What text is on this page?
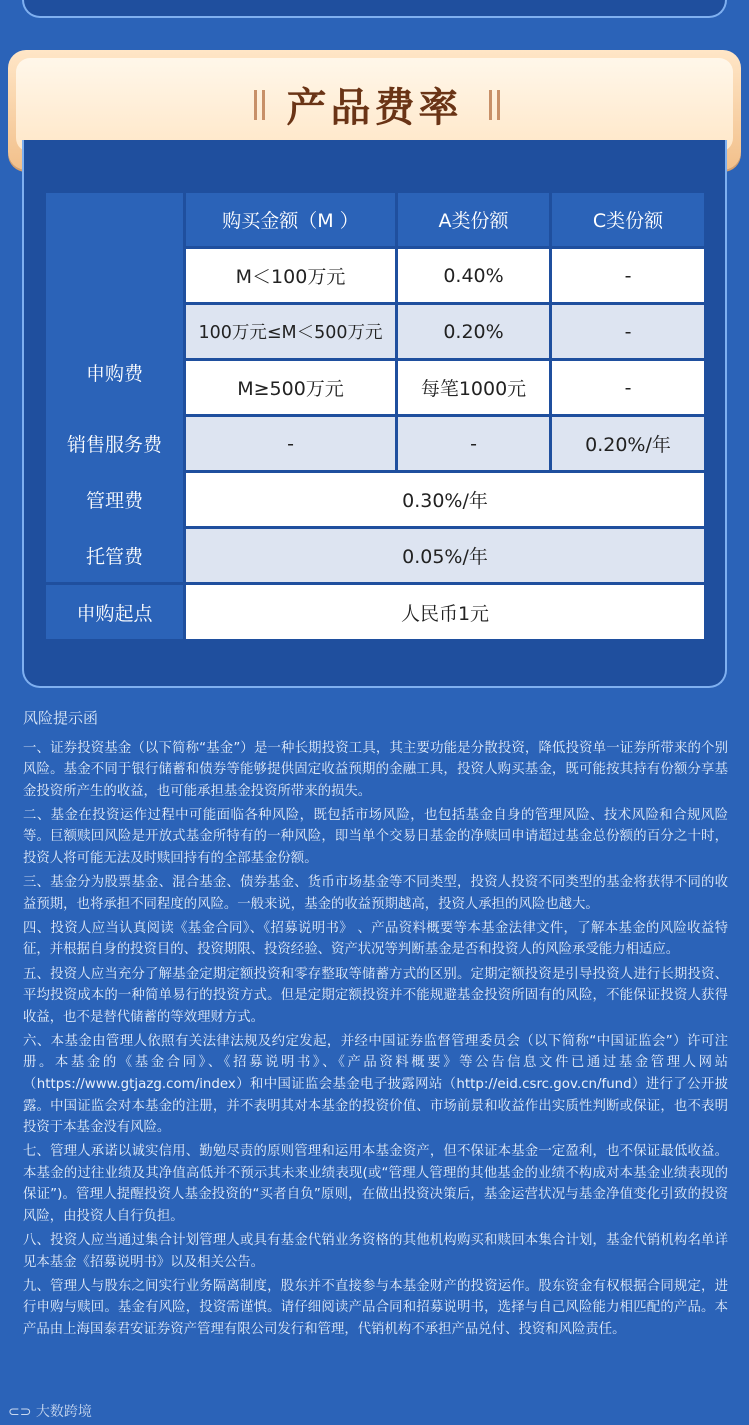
产品费率
申购费
购买金额（M ）	A类份额	C类份额
M＜100万元	0.40%	-
100万元≤M＜500万元	0.20%	-
M≥500万元	每笔1000元	-
销售服务费	-	-	0.20%/年
管理费	0.30%/年
托管费	0.05%/年
申购起点	人民币1元
风险提示函

一、证券投资基金（以下简称“基金”）是一种长期投资工具，其主要功能是分散投资，降低投资单一证券所带来的个别风险。基金不同于银行储蓄和债券等能够提供固定收益预期的金融工具，投资人购买基金，既可能按其持有份额分享基金投资所产生的收益，也可能承担基金投资所带来的损失。

二、基金在投资运作过程中可能面临各种风险，既包括市场风险，也包括基金自身的管理风险、技术风险和合规风险等。巨额赎回风险是开放式基金所特有的一种风险，即当单个交易日基金的净赎回申请超过基金总份额的百分之十时，投资人将可能无法及时赎回持有的全部基金份额。

三、基金分为股票基金、混合基金、债券基金、货币市场基金等不同类型，投资人投资不同类型的基金将获得不同的收益预期，也将承担不同程度的风险。一般来说，基金的收益预期越高，投资人承担的风险也越大。

四、投资人应当认真阅读《基金合同》、《招募说明书》 、产品资料概要等本基金法律文件，了解本基金的风险收益特征，并根据自身的投资目的、投资期限、投资经验、资产状况等判断基金是否和投资人的风险承受能力相适应。

五、投资人应当充分了解基金定期定额投资和零存整取等储蓄方式的区别。定期定额投资是引导投资人进行长期投资、平均投资成本的一种简单易行的投资方式。但是定期定额投资并不能规避基金投资所固有的风险，不能保证投资人获得收益，也不是替代储蓄的等效理财方式。

六、本基金由管理人依照有关法律法规及约定发起，并经中国证券监督管理委员会（以下简称“中国证监会”）许可注册。本基金的《基金合同》、《招募说明书》、《产品资料概要》等公告信息文件已通过基金管理人网站（https://www.gtjazg.com/index）和中国证监会基金电子披露网站（http://eid.csrc.gov.cn/fund）进行了公开披露。中国证监会对本基金的注册，并不表明其对本基金的投资价值、市场前景和收益作出实质性判断或保证，也不表明投资于本基金没有风险。

七、管理人承诺以诚实信用、勤勉尽责的原则管理和运用本基金资产，但不保证本基金一定盈利，也不保证最低收益。本基金的过往业绩及其净值高低并不预示其未来业绩表现(或“管理人管理的其他基金的业绩不构成对本基金业绩表现的保证”)。管理人提醒投资人基金投资的“买者自负”原则，在做出投资决策后，基金运营状况与基金净值变化引致的投资风险，由投资人自行负担。

八、投资人应当通过集合计划管理人或具有基金代销业务资格的其他机构购买和赎回本集合计划，基金代销机构名单详见本基金《招募说明书》以及相关公告。

九、管理人与股东之间实行业务隔离制度，股东并不直接参与本基金财产的投资运作。股东资金有权根据合同规定，进行申购与赎回。基金有风险，投资需谨慎。请仔细阅读产品合同和招募说明书，选择与自己风险能力相匹配的产品。本产品由上海国泰君安证券资产管理有限公司发行和管理，代销机构不承担产品兑付、投资和风险责任。

⊂⊃ 大数跨境
